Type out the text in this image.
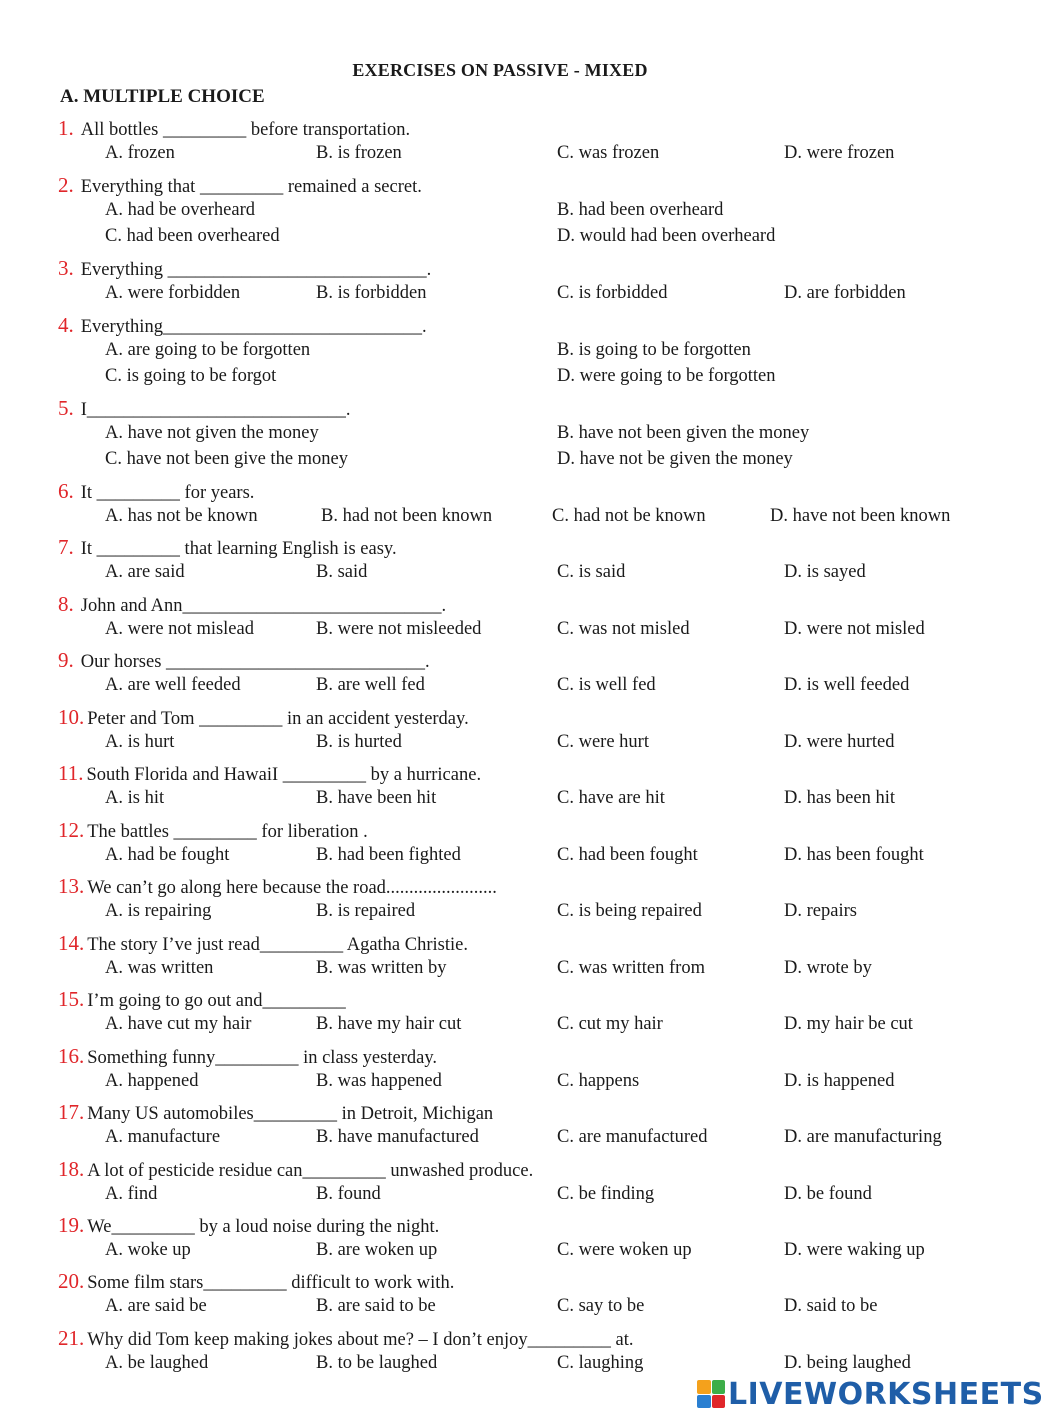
EXERCISES ON PASSIVE - MIXED
A. MULTIPLE CHOICE
1. All bottles _________ before transportation.
A. frozen	B. is frozen	C. was frozen	D. were frozen
2. Everything that _________ remained a secret.
A. had be overheard	B. had been overheard
C. had been overheared	D. would had been overheard
3. Everything ____________________________.
A. were forbidden	B. is forbidden	C. is forbidded	D. are forbidden
4. Everything____________________________.
A. are going to be forgotten	B. is going to be forgotten
C. is going to be forgot	D. were going to be forgotten
5. I____________________________.
A. have not given the money	B. have not been given the money
C. have not been give the money	D. have not be given the money
6. It _________ for years.
A. has not be known	B. had not been known	C. had not be known	D. have not been known
7. It _________ that learning English is easy.
A. are said	B. said	C. is said	D. is sayed
8. John and Ann____________________________.
A. were not mislead	B. were not misleeded	C. was not misled	D. were not misled
9. Our horses ____________________________.
A. are well feeded	B. are well fed	C. is well fed	D. is well feeded
10. Peter and Tom _________ in an accident yesterday.
A. is hurt	B. is hurted	C. were hurt	D. were hurted
11. South Florida and HawaiI _________ by a hurricane.
A. is hit	B. have been hit	C. have are hit	D. has been hit
12. The battles _________ for liberation .
A. had be fought	B. had been fighted	C. had been fought	D. has been fought
13. We can’t go along here because the road........................
A. is repairing	B. is repaired	C. is being repaired	D. repairs
14. The story I’ve just read_________ Agatha Christie.
A. was written	B. was written by	C. was written from	D. wrote by
15. I’m going to go out and_________
A. have cut my hair	B. have my hair cut	C. cut my hair	D. my hair be cut
16. Something funny_________ in class yesterday.
A. happened	B. was happened	C. happens	D. is happened
17. Many US automobiles_________ in Detroit, Michigan
A. manufacture	B. have manufactured	C. are manufactured	D. are manufacturing
18. A lot of pesticide residue can_________ unwashed produce.
A. find	B. found	C. be finding	D. be found
19. We_________ by a loud noise during the night.
A. woke up	B. are woken up	C. were woken up	D. were waking up
20. Some film stars_________ difficult to work with.
A. are said be	B. are said to be	C. say to be	D. said to be
21. Why did Tom keep making jokes about me? – I don’t enjoy_________ at.
A. be laughed	B. to be laughed	C. laughing	D. being laughed
LIVEWORKSHEETS
